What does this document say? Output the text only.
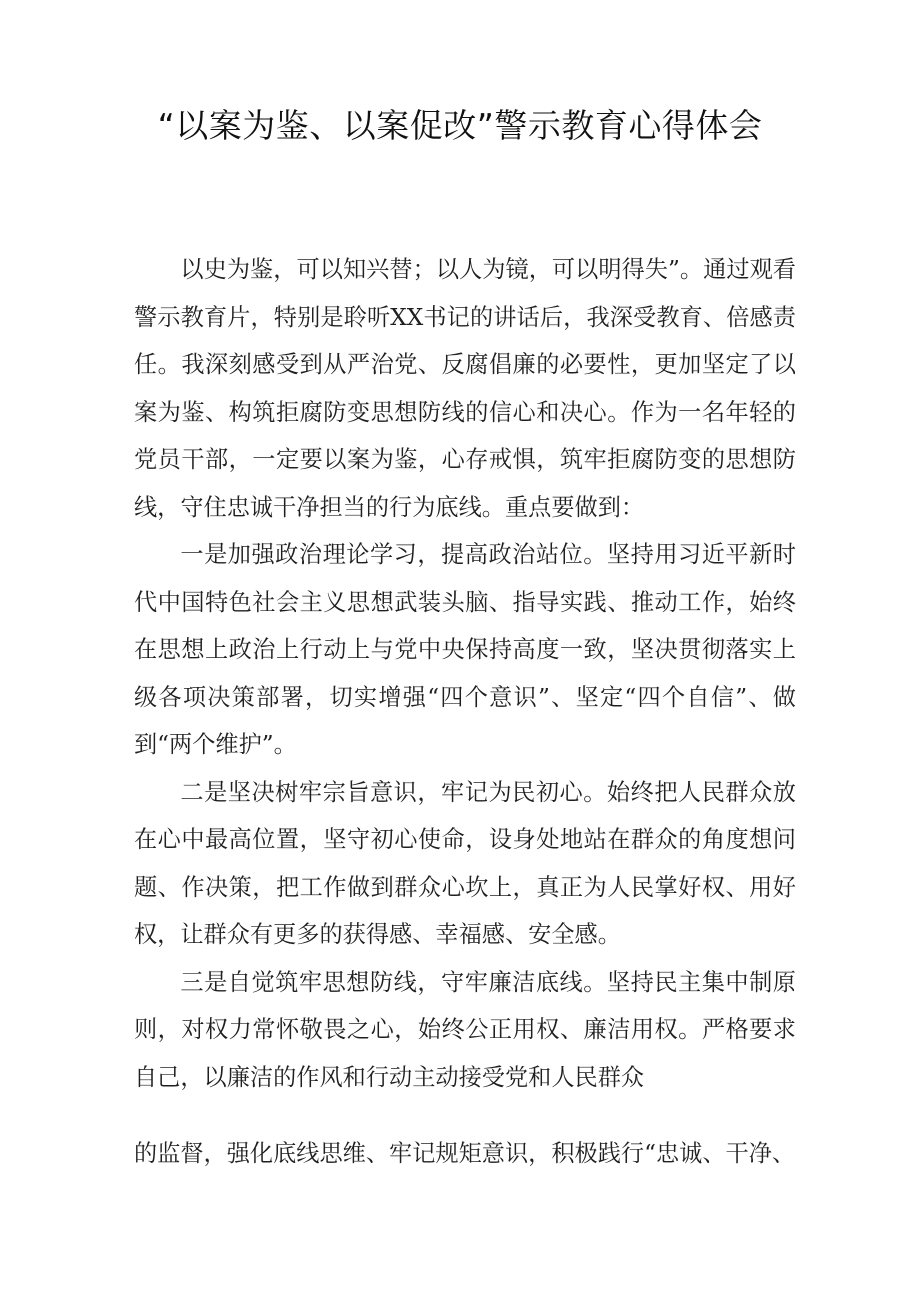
“以案为鉴、以案促改”警示教育心得体会

以史为鉴，可以知兴替；以人为镜，可以明得失”。通过观看警示教育片，特别是聆听XX书记的讲话后，我深受教育、倍感责任。我深刻感受到从严治党、反腐倡廉的必要性，更加坚定了以案为鉴、构筑拒腐防变思想防线的信心和决心。作为一名年轻的党员干部，一定要以案为鉴，心存戒惧，筑牢拒腐防变的思想防线，守住忠诚干净担当的行为底线。重点要做到：

一是加强政治理论学习，提高政治站位。坚持用习近平新时代中国特色社会主义思想武装头脑、指导实践、推动工作，始终在思想上政治上行动上与党中央保持高度一致，坚决贯彻落实上级各项决策部署，切实增强“四个意识”、坚定“四个自信”、做到“两个维护”。

二是坚决树牢宗旨意识，牢记为民初心。始终把人民群众放在心中最高位置，坚守初心使命，设身处地站在群众的角度想问题、作决策，把工作做到群众心坎上，真正为人民掌好权、用好权，让群众有更多的获得感、幸福感、安全感。

三是自觉筑牢思想防线，守牢廉洁底线。坚持民主集中制原则，对权力常怀敬畏之心，始终公正用权、廉洁用权。严格要求自己，以廉洁的作风和行动主动接受党和人民群众

的监督，强化底线思维、牢记规矩意识，积极践行“忠诚、干净、
